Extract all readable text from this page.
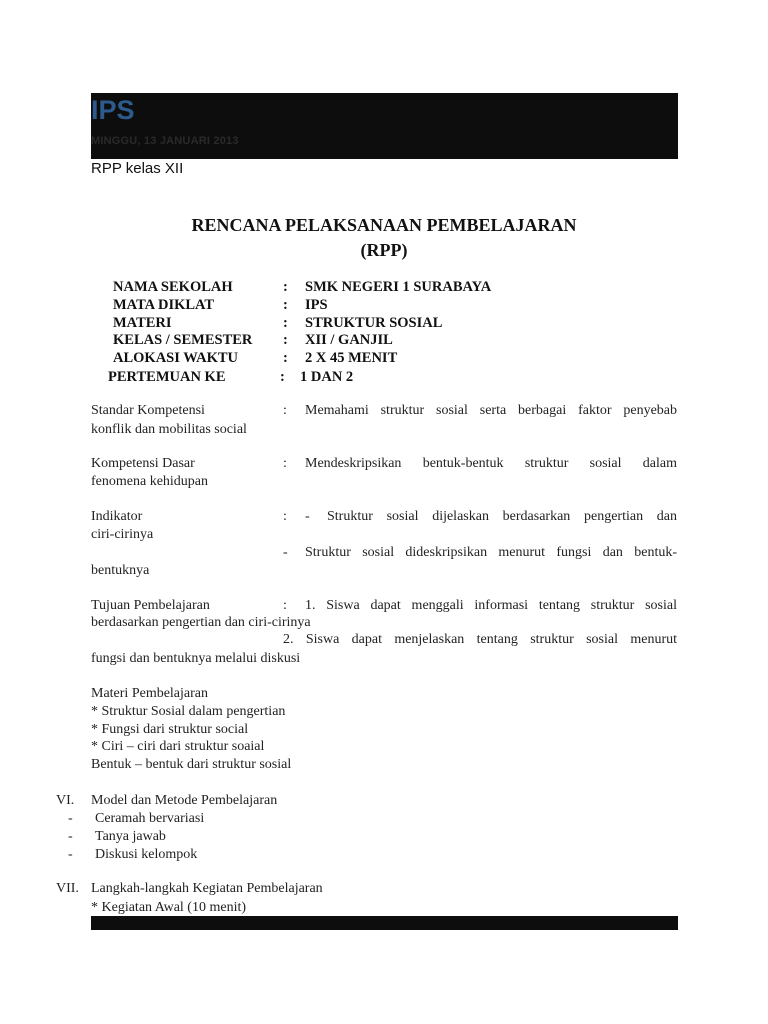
IPS
MINGGU, 13 JANUARI 2013
RPP kelas XII
RENCANA PELAKSANAAN PEMBELAJARAN
(RPP)
NAMA SEKOLAH	: SMK NEGERI 1 SURABAYA
MATA DIKLAT	: IPS
MATERI	: STRUKTUR SOSIAL
KELAS / SEMESTER : XII / GANJIL
ALOKASI WAKTU	: 2 X 45 MENIT
PERTEMUAN KE	: 1 DAN 2
Standar Kompetensi	: Memahami struktur sosial serta berbagai faktor penyebab
konflik dan mobilitas social
Kompetensi Dasar	: Mendeskripsikan bentuk-bentuk struktur sosial dalam
fenomena kehidupan
Indikator	: - Struktur sosial dijelaskan berdasarkan pengertian dan
ciri-cirinya
- Struktur sosial dideskripsikan menurut fungsi dan bentuk-
bentuknya
Tujuan Pembelajaran	: 1. Siswa dapat menggali informasi tentang struktur sosial
berdasarkan pengertian dan ciri-cirinya
2. Siswa dapat menjelaskan tentang struktur sosial menurut
fungsi dan bentuknya melalui diskusi
Materi Pembelajaran
* Struktur Sosial dalam pengertian
* Fungsi dari struktur social
* Ciri – ciri dari struktur soaial
Bentuk – bentuk dari struktur sosial
VI. Model dan Metode Pembelajaran
- Ceramah bervariasi
- Tanya jawab
- Diskusi kelompok
VII. Langkah-langkah Kegiatan Pembelajaran
* Kegiatan Awal (10 menit)
